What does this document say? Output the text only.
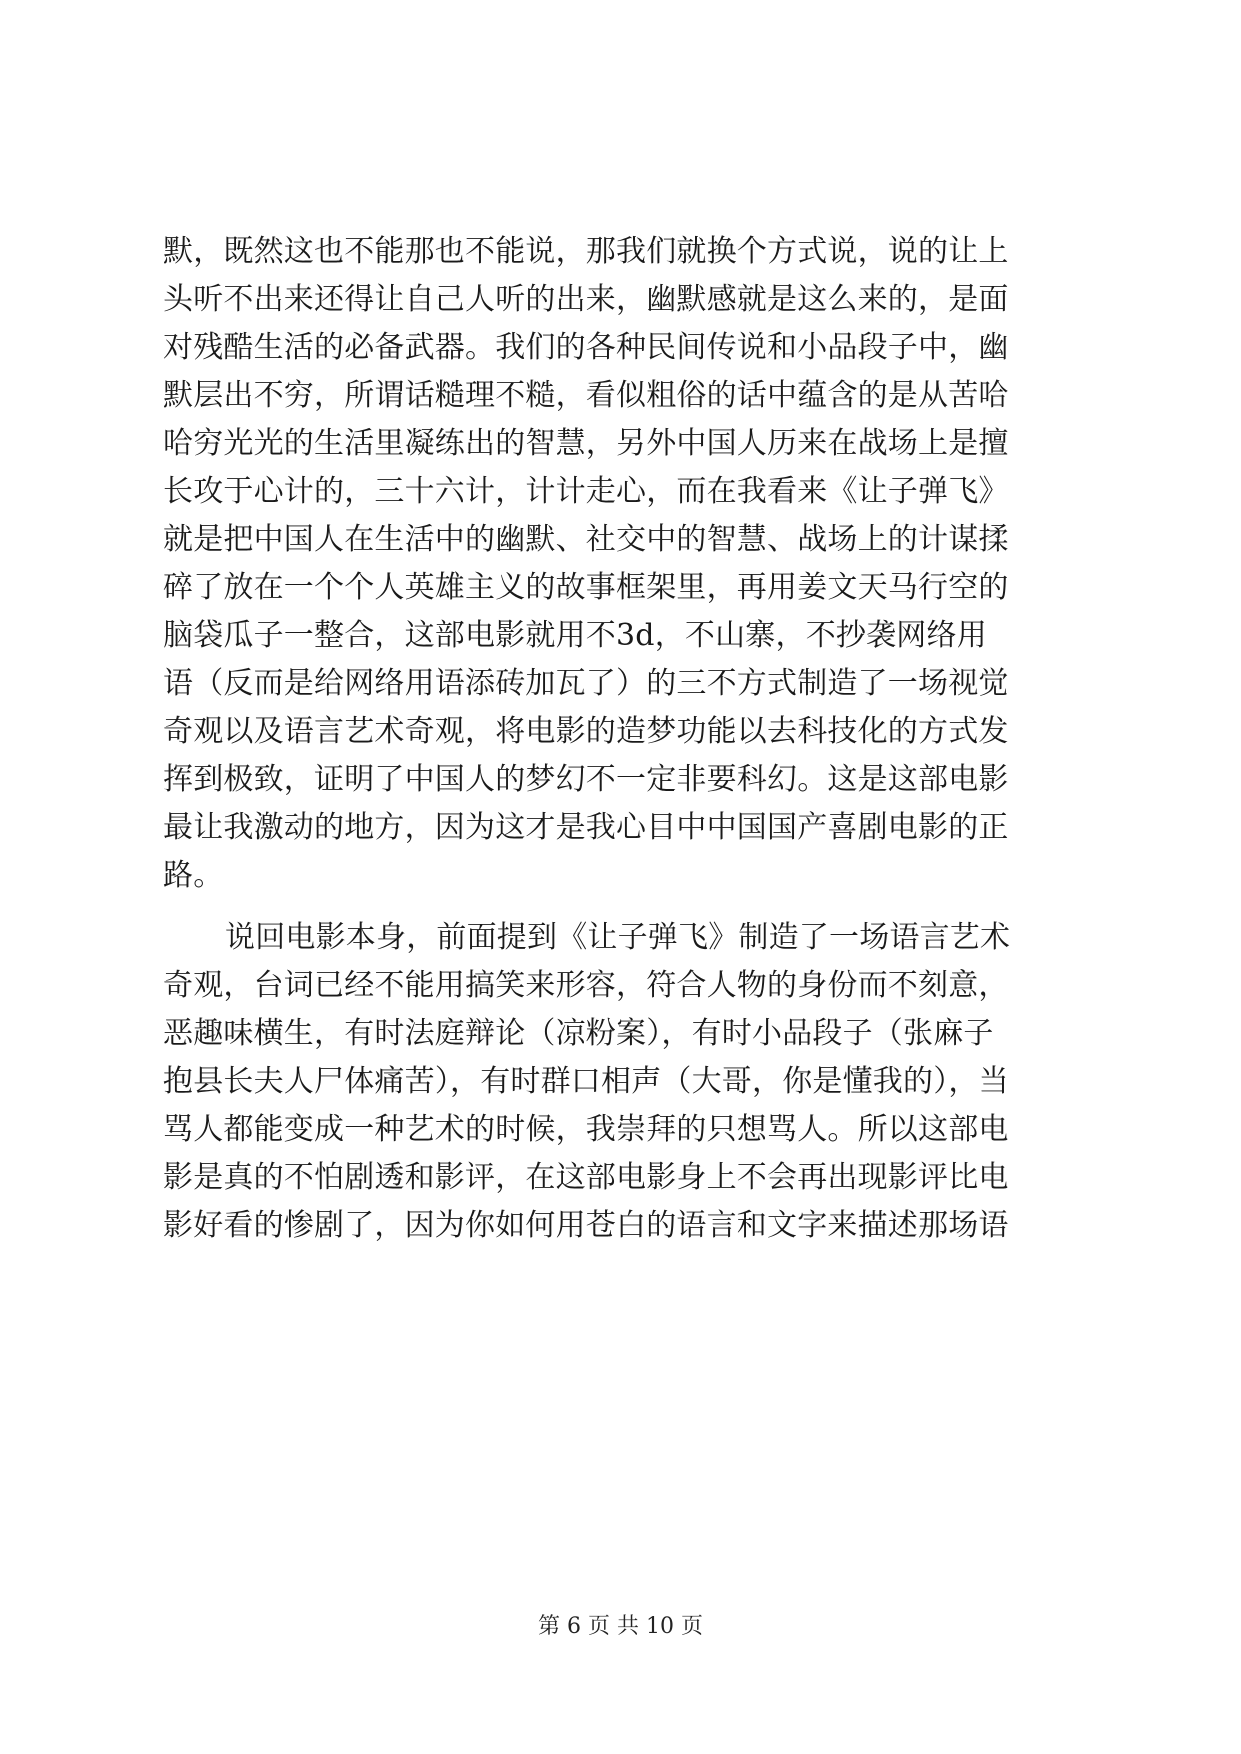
默，既然这也不能那也不能说，那我们就换个方式说，说的让上
头听不出来还得让自己人听的出来，幽默感就是这么来的，是面
对残酷生活的必备武器。我们的各种民间传说和小品段子中，幽
默层出不穷，所谓话糙理不糙，看似粗俗的话中蕴含的是从苦哈
哈穷光光的生活里凝练出的智慧，另外中国人历来在战场上是擅
长攻于心计的，三十六计，计计走心，而在我看来《让子弹飞》
就是把中国人在生活中的幽默、社交中的智慧、战场上的计谋揉
碎了放在一个个人英雄主义的故事框架里，再用姜文天马行空的
脑袋瓜子一整合，这部电影就用不3d，不山寨，不抄袭网络用
语（反而是给网络用语添砖加瓦了）的三不方式制造了一场视觉
奇观以及语言艺术奇观，将电影的造梦功能以去科技化的方式发
挥到极致，证明了中国人的梦幻不一定非要科幻。这是这部电影
最让我激动的地方，因为这才是我心目中中国国产喜剧电影的正
路。
说回电影本身，前面提到《让子弹飞》制造了一场语言艺术
奇观，台词已经不能用搞笑来形容，符合人物的身份而不刻意，
恶趣味横生，有时法庭辩论（凉粉案），有时小品段子（张麻子
抱县长夫人尸体痛苦），有时群口相声（大哥，你是懂我的），当
骂人都能变成一种艺术的时候，我崇拜的只想骂人。所以这部电
影是真的不怕剧透和影评，在这部电影身上不会再出现影评比电
影好看的惨剧了，因为你如何用苍白的语言和文字来描述那场语
第 6 页 共 10 页
